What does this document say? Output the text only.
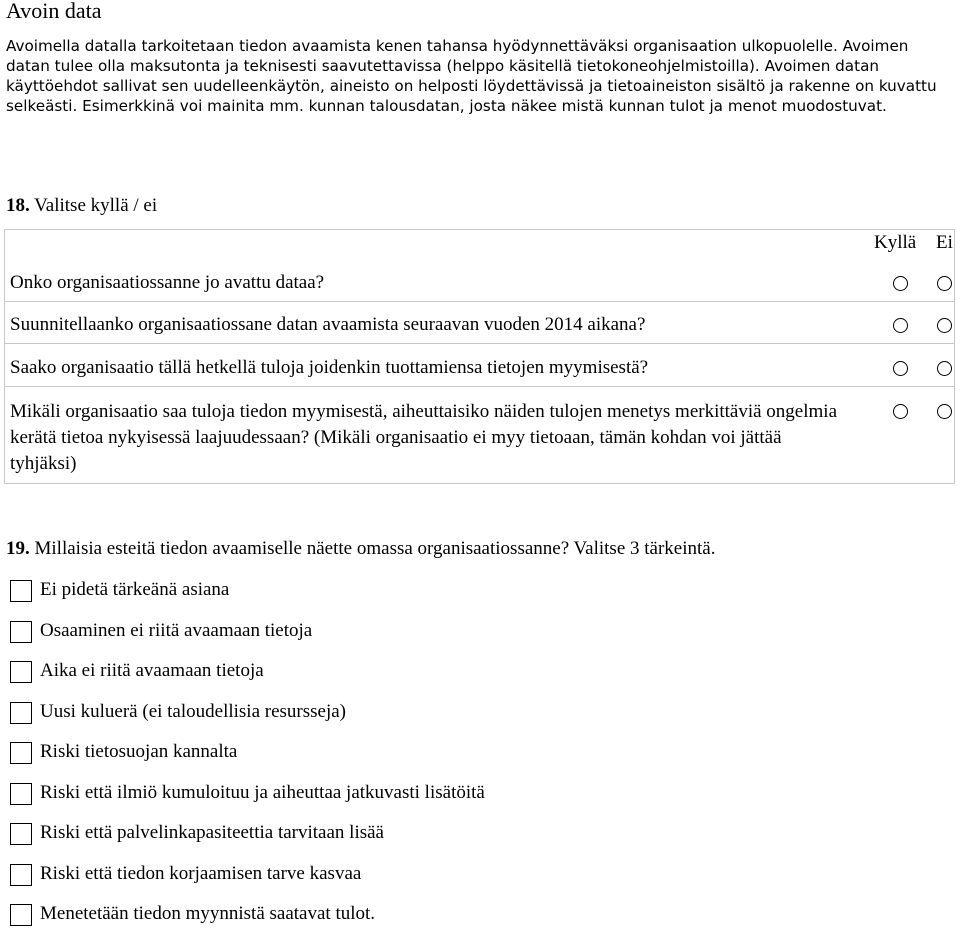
Avoin data
Avoimella datalla tarkoitetaan tiedon avaamista kenen tahansa hyödynnettäväksi organisaation ulkopuolelle. Avoimen datan tulee olla maksutonta ja teknisesti saavutettavissa (helppo käsitellä tietokoneohjelmistoilla). Avoimen datan käyttöehdot sallivat sen uudelleenkäytön, aineisto on helposti löydettävissä ja tietoaineiston sisältö ja rakenne on kuvattu selkeästi. Esimerkkinä voi mainita mm. kunnan talousdatan, josta näkee mistä kunnan tulot ja menot muodostuvat.
18. Valitse kyllä / ei
Kyllä Ei
Onko organisaatiossanne jo avattu dataa?
Suunnitellaanko organisaatiossane datan avaamista seuraavan vuoden 2014 aikana?
Saako organisaatio tällä hetkellä tuloja joidenkin tuottamiensa tietojen myymisestä?
Mikäli organisaatio saa tuloja tiedon myymisestä, aiheuttaisiko näiden tulojen menetys merkittäviä ongelmia kerätä tietoa nykyisessä laajuudessaan? (Mikäli organisaatio ei myy tietoaan, tämän kohdan voi jättää tyhjäksi)
19. Millaisia esteitä tiedon avaamiselle näette omassa organisaatiossanne? Valitse 3 tärkeintä.
Ei pidetä tärkeänä asiana
Osaaminen ei riitä avaamaan tietoja
Aika ei riitä avaamaan tietoja
Uusi kuluerä (ei taloudellisia resursseja)
Riski tietosuojan kannalta
Riski että ilmiö kumuloituu ja aiheuttaa jatkuvasti lisätöitä
Riski että palvelinkapasiteettia tarvitaan lisää
Riski että tiedon korjaamisen tarve kasvaa
Menetetään tiedon myynnistä saatavat tulot.
